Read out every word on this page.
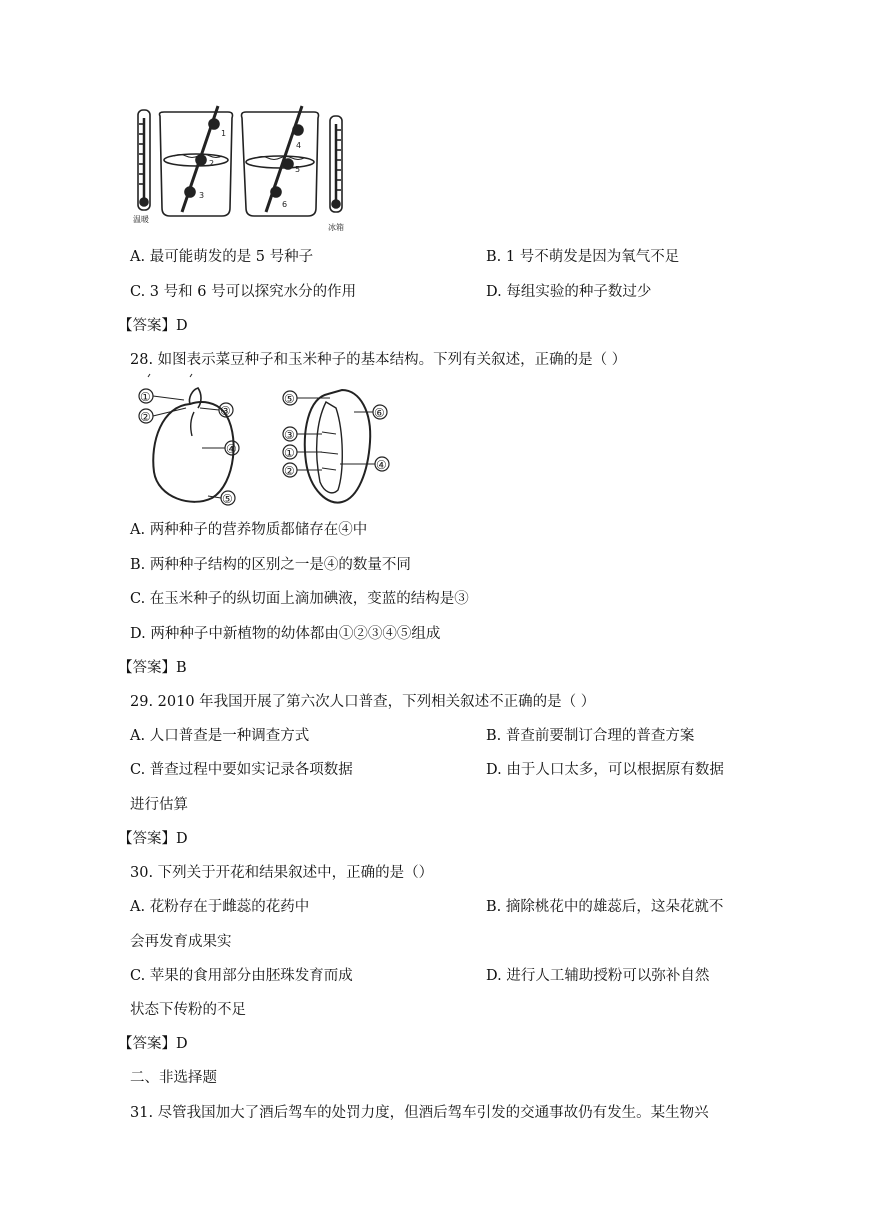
温暖
1
2
3
4
5
6
冰箱
A. 最可能萌发的是 5 号种子	B. 1 号不萌发是因为氧气不足
C. 3 号和 6 号可以探究水分的作用	D. 每组实验的种子数过少
【答案】D
28. 如图表示菜豆种子和玉米种子的基本结构。下列有关叙述，正确的是（ ）
①
②	③
④
⑤
⑤
⑥
③
①
②	④
A. 两种种子的营养物质都储存在④中
B. 两种种子结构的区别之一是④的数量不同
C. 在玉米种子的纵切面上滴加碘液，变蓝的结构是③
D. 两种种子中新植物的幼体都由①②③④⑤组成
【答案】B
29. 2010 年我国开展了第六次人口普查，下列相关叙述不正确的是（ ）
A. 人口普查是一种调查方式	B. 普查前要制订合理的普查方案
C. 普查过程中要如实记录各项数据	D. 由于人口太多，可以根据原有数据
进行估算
【答案】D
30. 下列关于开花和结果叙述中，正确的是（）
A. 花粉存在于雌蕊的花药中	B. 摘除桃花中的雄蕊后，这朵花就不
会再发育成果实
C. 苹果的食用部分由胚珠发育而成	D. 进行人工辅助授粉可以弥补自然
状态下传粉的不足
【答案】D
二、非选择题
31. 尽管我国加大了酒后驾车的处罚力度，但酒后驾车引发的交通事故仍有发生。某生物兴
